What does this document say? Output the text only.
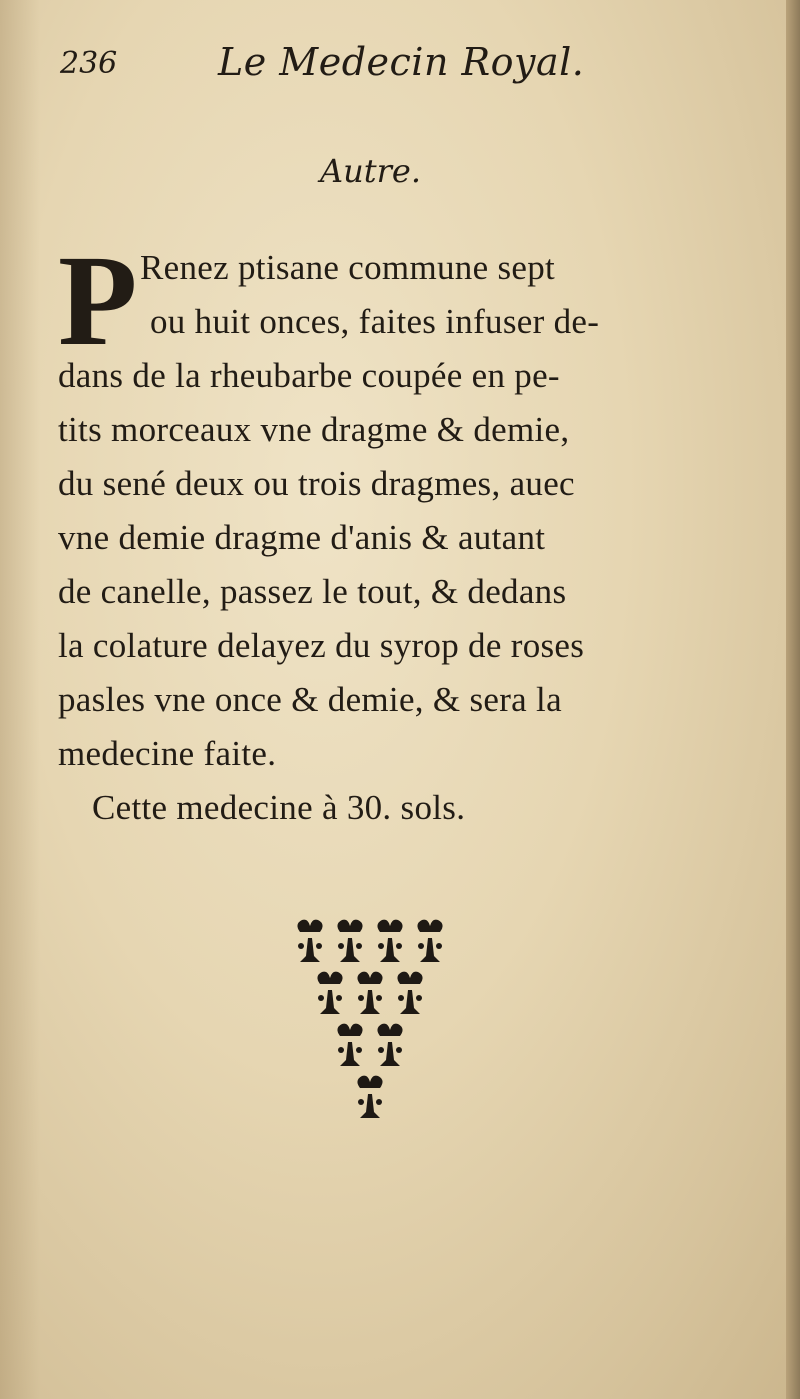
236	Le Medecin Royal.
Autre.
P Renez ptisane commune sept
ou huit onces, faites infuser de-
dans de la rheubarbe coupée en pe-
tits morceaux vne dragme & demie,
du sené deux ou trois dragmes, auec
vne demie dragme d'anis & autant
de canelle, passez le tout, & dedans
la colature delayez du syrop de roses
pasles vne once & demie, & sera la
medecine faite.
Cette medecine à 30. sols.
